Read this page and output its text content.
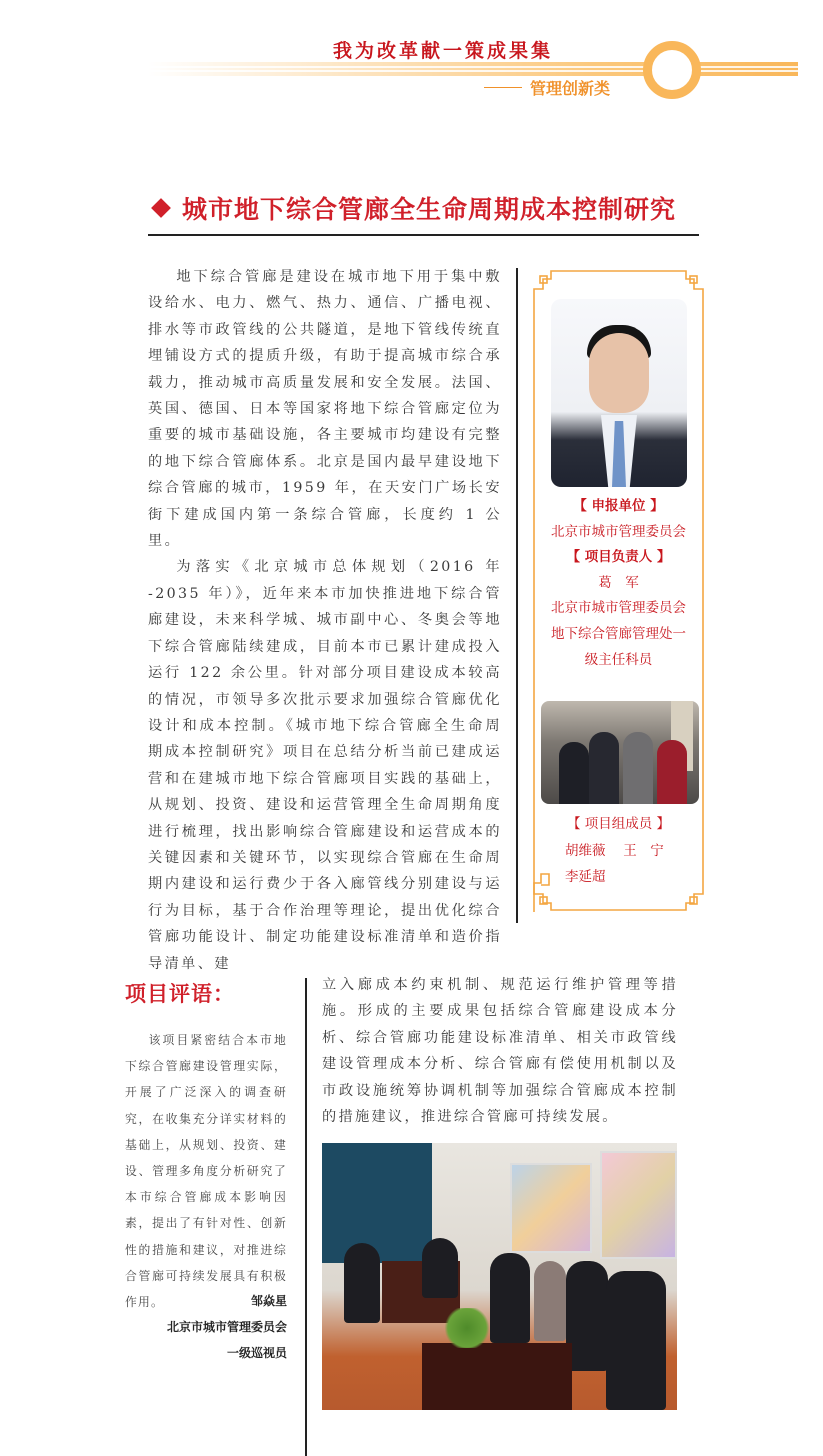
我为改革献一策成果集
管理创新类
城市地下综合管廊全生命周期成本控制研究

地下综合管廊是建设在城市地下用于集中敷设给水、电力、燃气、热力、通信、广播电视、排水等市政管线的公共隧道，是地下管线传统直埋铺设方式的提质升级，有助于提高城市综合承载力，推动城市高质量发展和安全发展。法国、英国、德国、日本等国家将地下综合管廊定位为重要的城市基础设施，各主要城市均建设有完整的地下综合管廊体系。北京是国内最早建设地下综合管廊的城市，1959 年，在天安门广场长安街下建成国内第一条综合管廊，长度约 1 公里。

为落实《北京城市总体规划（2016 年 -2035 年）》，近年来本市加快推进地下综合管廊建设，未来科学城、城市副中心、冬奥会等地下综合管廊陆续建成，目前本市已累计建成投入运行 122 余公里。针对部分项目建设成本较高的情况，市领导多次批示要求加强综合管廊优化设计和成本控制。《城市地下综合管廊全生命周期成本控制研究》项目在总结分析当前已建成运营和在建城市地下综合管廊项目实践的基础上，从规划、投资、建设和运营管理全生命周期角度进行梳理，找出影响综合管廊建设和运营成本的关键因素和关键环节，以实现综合管廊在生命周期内建设和运行费少于各入廊管线分别建设与运行为目标，基于合作治理等理论，提出优化综合管廊功能设计、制定功能建设标准清单和造价指导清单、建

【 申报单位 】
北京市城市管理委员会
【 项目负责人 】
葛　军
北京市城市管理委员会
地下综合管廊管理处一
级主任科员
【 项目组成员 】
胡维薇　 王　宁
李延超
项目评语：

该项目紧密结合本市地下综合管廊建设管理实际，开展了广泛深入的调查研究，在收集充分详实材料的基础上，从规划、投资、建设、管理多角度分析研究了本市综合管廊成本影响因素，提出了有针对性、创新性的措施和建议，对推进综合管廊可持续发展具有积极作用。	邹焱星
北京市城市管理委员会
一级巡视员
立入廊成本约束机制、规范运行维护管理等措施。形成的主要成果包括综合管廊建设成本分析、综合管廊功能建设标准清单、相关市政管线建设管理成本分析、综合管廊有偿使用机制以及市政设施统筹协调机制等加强综合管廊成本控制的措施建议，推进综合管廊可持续发展。
